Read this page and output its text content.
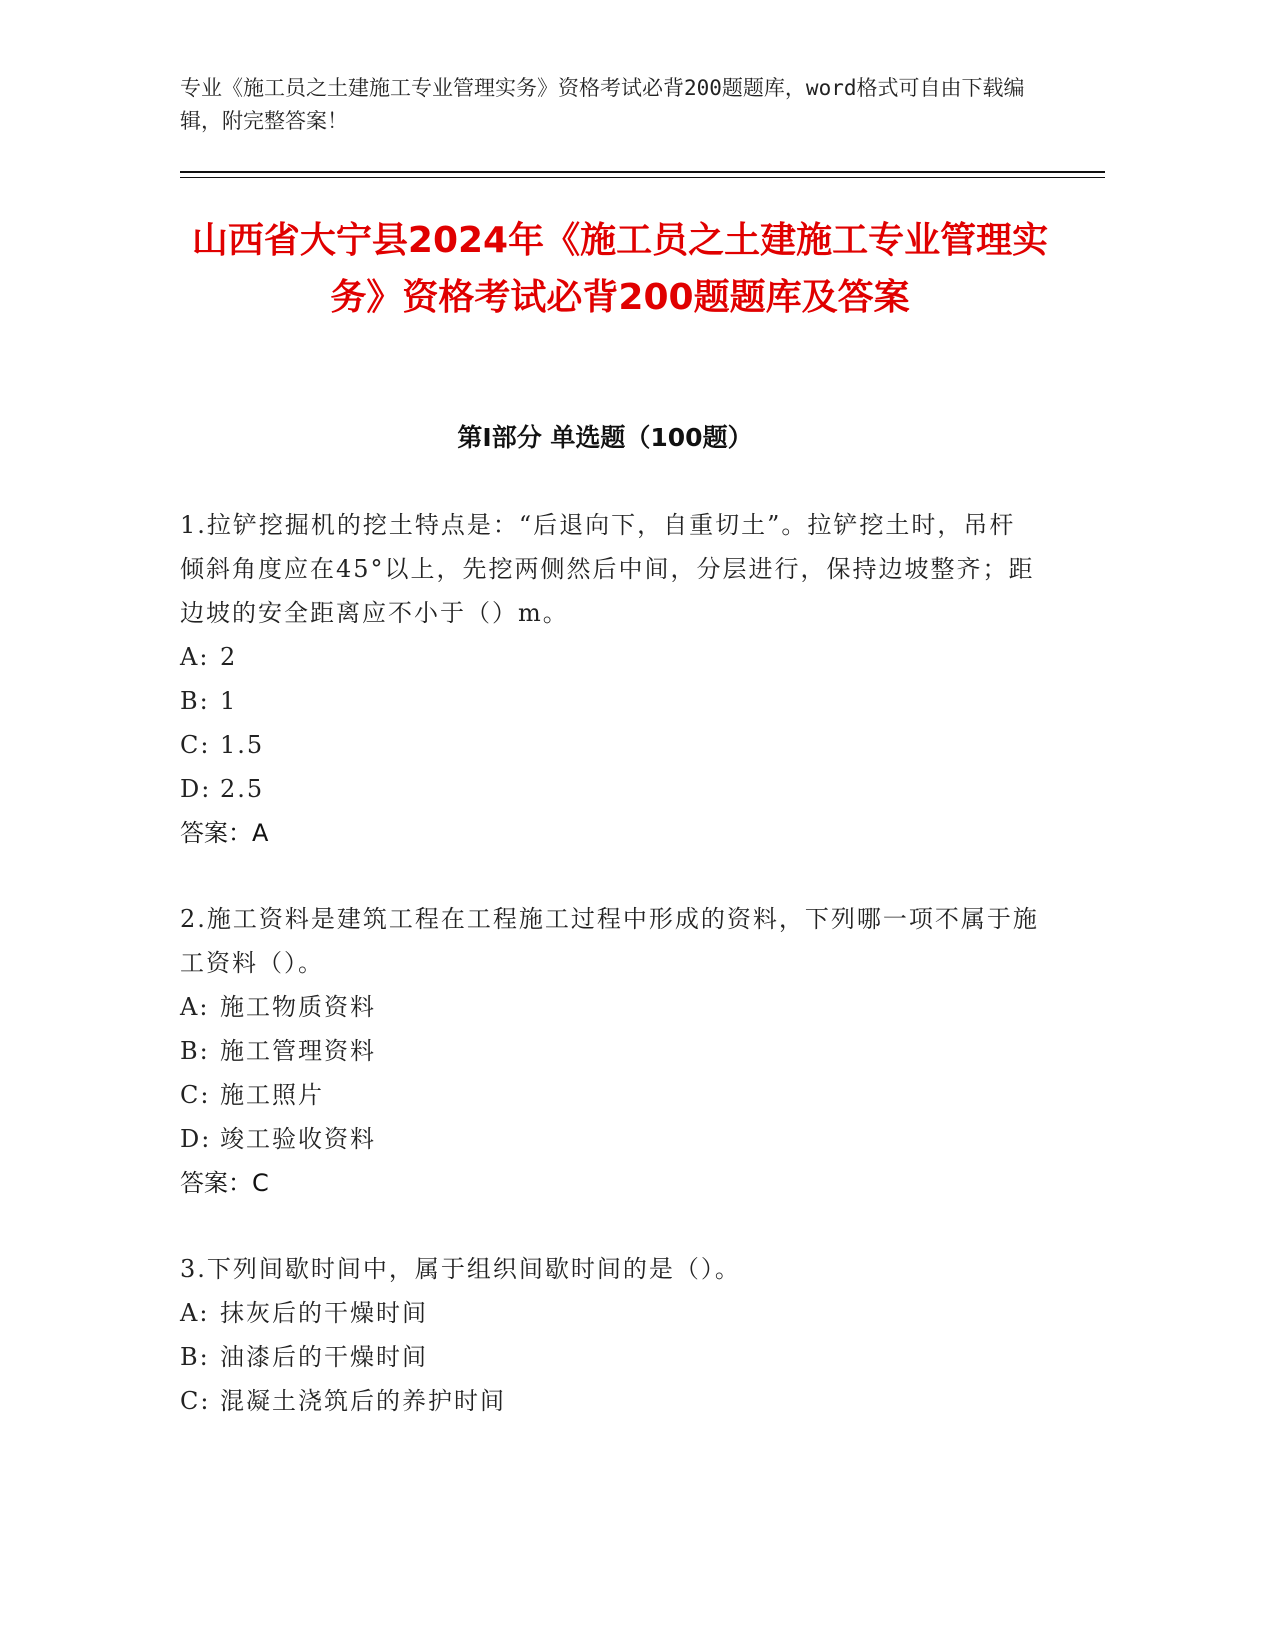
专业《施工员之土建施工专业管理实务》资格考试必背200题题库，word格式可自由下载编辑，附完整答案！
山西省大宁县2024年《施工员之土建施工专业管理实务》资格考试必背200题题库及答案
第Ⅰ部分 单选题（100题）
1.拉铲挖掘机的挖土特点是：“后退向下，自重切土”。拉铲挖土时，吊杆倾斜角度应在45°以上，先挖两侧然后中间，分层进行，保持边坡整齐；距边坡的安全距离应不小于（）m。
A: 2
B: 1
C: 1.5
D: 2.5
答案：A
2.施工资料是建筑工程在工程施工过程中形成的资料，下列哪一项不属于施工资料（）。
A: 施工物质资料
B: 施工管理资料
C: 施工照片
D: 竣工验收资料
答案：C
3.下列间歇时间中，属于组织间歇时间的是（）。
A: 抹灰后的干燥时间
B: 油漆后的干燥时间
C: 混凝土浇筑后的养护时间
